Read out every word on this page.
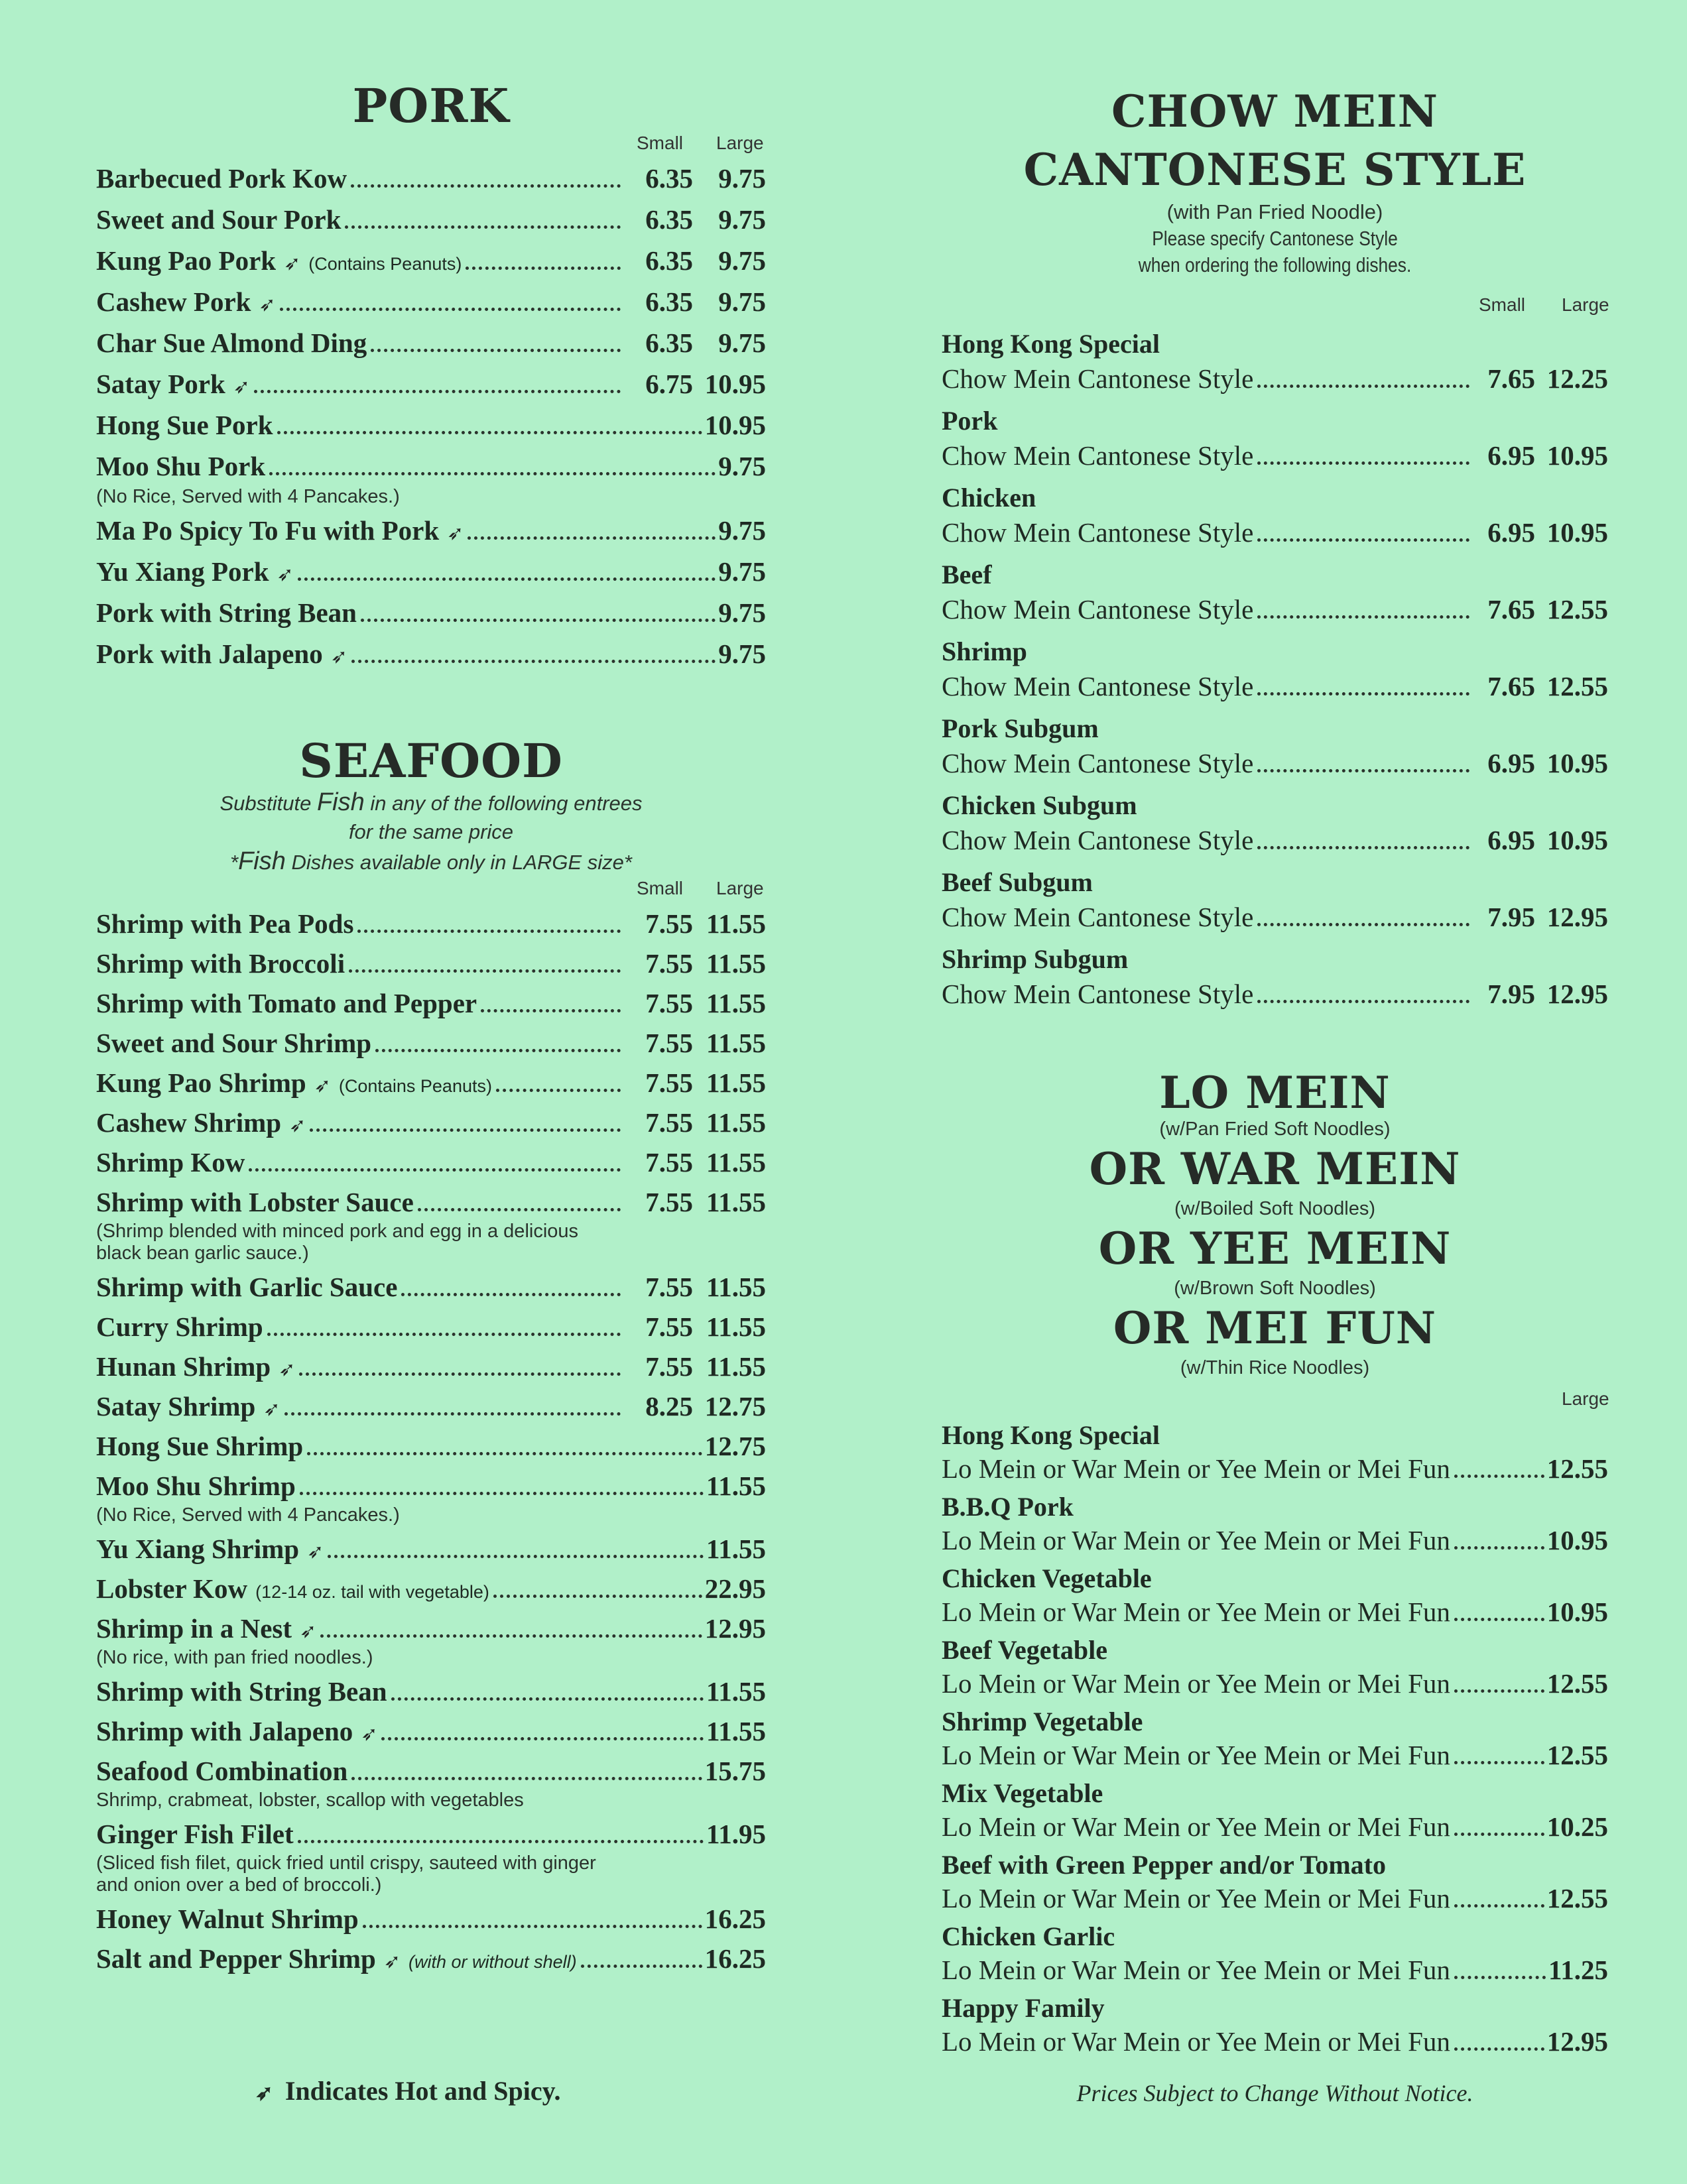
PORK
Small Large
Barbecued Pork Kow	6.35 9.75
Sweet and Sour Pork	6.35 9.75
Kung Pao Pork ➶ (Contains Peanuts)	6.35 9.75
Cashew Pork ➶	6.35 9.75
Char Sue Almond Ding	6.35 9.75
Satay Pork ➶	6.75 10.95
Hong Sue Pork	10.95
Moo Shu Pork	9.75
(No Rice, Served with 4 Pancakes.)
Ma Po Spicy To Fu with Pork ➶	9.75
Yu Xiang Pork ➶	9.75
Pork with String Bean	9.75
Pork with Jalapeno ➶	9.75
SEAFOOD
Substitute Fish in any of the following entrees
for the same price
*Fish Dishes available only in LARGE size*
Small Large
Shrimp with Pea Pods	7.55 11.55
Shrimp with Broccoli	7.55 11.55
Shrimp with Tomato and Pepper	7.55 11.55
Sweet and Sour Shrimp	7.55 11.55
Kung Pao Shrimp ➶ (Contains Peanuts)	7.55 11.55
Cashew Shrimp ➶	7.55 11.55
Shrimp Kow	7.55 11.55
Shrimp with Lobster Sauce	7.55 11.55
(Shrimp blended with minced pork and egg in a delicious black bean garlic sauce.)
Shrimp with Garlic Sauce	7.55 11.55
Curry Shrimp	7.55 11.55
Hunan Shrimp ➶	7.55 11.55
Satay Shrimp ➶	8.25 12.75
Hong Sue Shrimp	12.75
Moo Shu Shrimp	11.55
(No Rice, Served with 4 Pancakes.)
Yu Xiang Shrimp ➶	11.55
Lobster Kow (12-14 oz. tail with vegetable)	22.95
Shrimp in a Nest ➶	12.95
(No rice, with pan fried noodles.)
Shrimp with String Bean	11.55
Shrimp with Jalapeno ➶	11.55
Seafood Combination	15.75
Shrimp, crabmeat, lobster, scallop with vegetables
Ginger Fish Filet	11.95
(Sliced fish filet, quick fried until crispy, sauteed with ginger and onion over a bed of broccoli.)
Honey Walnut Shrimp	16.25
Salt and Pepper Shrimp ➶ (with or without shell)	16.25
➶ Indicates Hot and Spicy.
CHOW MEIN
CANTONESE STYLE
(with Pan Fried Noodle)
Please specify Cantonese Style
when ordering the following dishes.
Small Large
Hong Kong Special
Chow Mein Cantonese Style	7.65 12.25
Pork
Chow Mein Cantonese Style	6.95 10.95
Chicken
Chow Mein Cantonese Style	6.95 10.95
Beef
Chow Mein Cantonese Style	7.65 12.55
Shrimp
Chow Mein Cantonese Style	7.65 12.55
Pork Subgum
Chow Mein Cantonese Style	6.95 10.95
Chicken Subgum
Chow Mein Cantonese Style	6.95 10.95
Beef Subgum
Chow Mein Cantonese Style	7.95 12.95
Shrimp Subgum
Chow Mein Cantonese Style	7.95 12.95
LO MEIN
(w/Pan Fried Soft Noodles)
OR WAR MEIN
(w/Boiled Soft Noodles)
OR YEE MEIN
(w/Brown Soft Noodles)
OR MEI FUN
(w/Thin Rice Noodles)
Large
Hong Kong Special
Lo Mein or War Mein or Yee Mein or Mei Fun	12.55
B.B.Q Pork
Lo Mein or War Mein or Yee Mein or Mei Fun	10.95
Chicken Vegetable
Lo Mein or War Mein or Yee Mein or Mei Fun	10.95
Beef Vegetable
Lo Mein or War Mein or Yee Mein or Mei Fun	12.55
Shrimp Vegetable
Lo Mein or War Mein or Yee Mein or Mei Fun	12.55
Mix Vegetable
Lo Mein or War Mein or Yee Mein or Mei Fun	10.25
Beef with Green Pepper and/or Tomato
Lo Mein or War Mein or Yee Mein or Mei Fun	12.55
Chicken Garlic
Lo Mein or War Mein or Yee Mein or Mei Fun	11.25
Happy Family
Lo Mein or War Mein or Yee Mein or Mei Fun	12.95
Prices Subject to Change Without Notice.
